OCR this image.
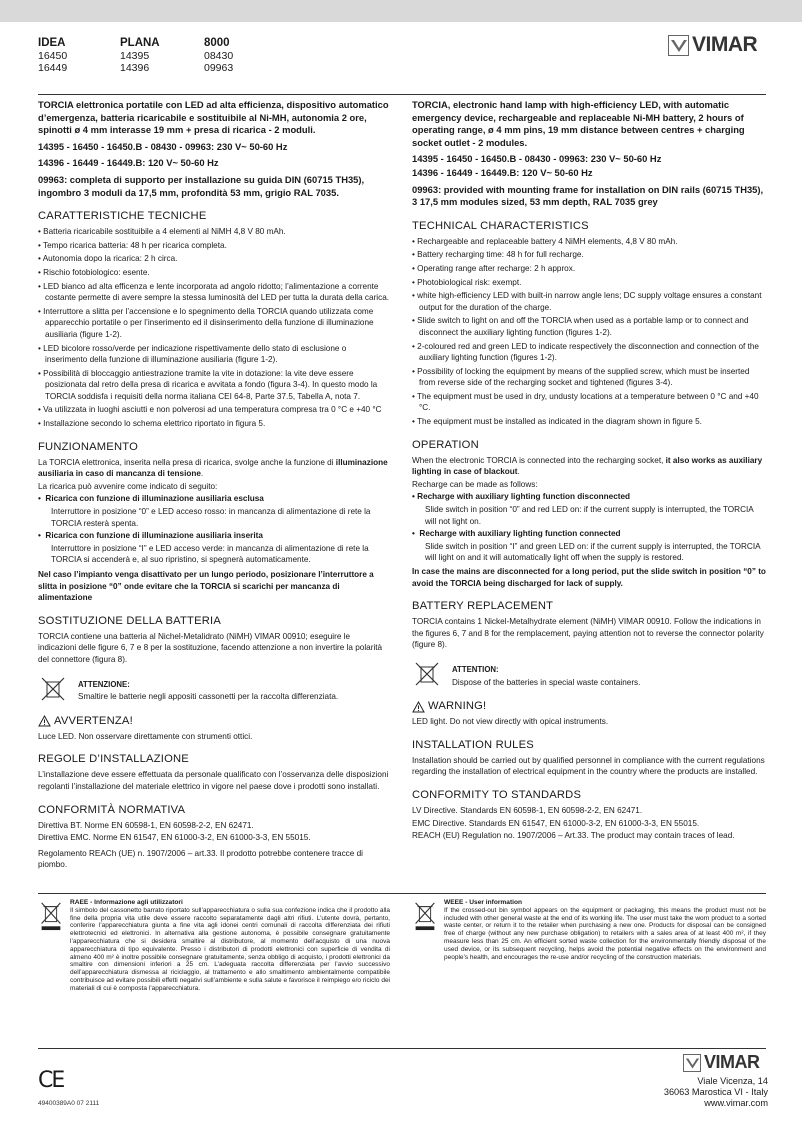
IDEA	PLANA	8000
16450	14395	08430
16449	14396	09963
VIMAR

TORCIA elettronica portatile con LED ad alta efficienza, dispositivo automatico d’emergenza, batteria ricaricabile e sostituibile al Ni-MH, autonomia 2 ore, spinotti ø 4 mm interasse 19 mm + presa di ricarica - 2 moduli.

14395 - 16450 - 16450.B - 08430 - 09963: 230 V~ 50-60 Hz

14396 - 16449 - 16449.B: 120 V~ 50-60 Hz

09963: completa di supporto per installazione su guida DIN (60715 TH35), ingombro 3 moduli da 17,5 mm, profondità 53 mm, grigio RAL 7035.

CARATTERISTICHE TECNICHE
• Batteria ricaricabile sostituibile a 4 elementi al NiMH 4,8 V 80 mAh.
• Tempo ricarica batteria: 48 h per ricarica completa.
• Autonomia dopo la ricarica: 2 h circa.
• Rischio fotobiologico: esente.
• LED bianco ad alta efficenza e lente incorporata ad angolo ridotto; l’alimentazione a corrente costante permette di avere sempre la stessa luminosità del LED per tutta la durata della carica.
• Interruttore a slitta per l’accensione e lo spegnimento della TORCIA quando utilizzata come apparecchio portatile o per l’inserimento ed il disinserimento della funzione di illuminazione ausiliaria (figure 1-2).
• LED bicolore rosso/verde per indicazione rispettivamente dello stato di esclusione o inserimento della funzione di illuminazione ausiliaria (figure 1-2).
• Possibilità di bloccaggio antiestrazione tramite la vite in dotazione: la vite deve essere posizionata dal retro della presa di ricarica e avvitata a fondo (figura 3-4). In questo modo la TORCIA soddisfa i requisiti della norma italiana CEI 64-8, Parte 37.5, Tabella A, nota 7.
• Va utilizzata in luoghi asciutti e non polverosi ad una temperatura compresa tra 0 °C e +40 °C
• Installazione secondo lo schema elettrico riportato in figura 5.
FUNZIONAMENTO

La TORCIA elettronica, inserita nella presa di ricarica, svolge anche la funzione di illuminazione ausiliaria in caso di mancanza di tensione.

La ricarica può avvenire come indicato di seguito:

•  Ricarica con funzione di illuminazione ausiliaria esclusa

Interruttore in posizione “0” e LED acceso rosso: in mancanza di alimentazione di rete la TORCIA resterà spenta.

•  Ricarica con funzione di illuminazione ausiliaria inserita

Interruttore in posizione “I” e LED acceso verde: in mancanza di alimentazione di rete la TORCIA si accenderà e, al suo ripristino, si spegnerà automaticamente.

Nel caso l’impianto venga disattivato per un lungo periodo, posizionare l’interruttore a slitta in posizione “0” onde evitare che la TORCIA si scarichi per mancanza di alimentazione

SOSTITUZIONE DELLA BATTERIA

TORCIA contiene una batteria al Nichel-Metalidrato (NiMH) VIMAR 00910; eseguire le indicazioni delle figure 6, 7 e 8 per la sostituzione, facendo attenzione a non invertire la polarità del connettore (figura 8).

ATTENZIONE:

Smaltire le batterie negli appositi cassonetti per la raccolta differenziata.

AVVERTENZA!

Luce LED. Non osservare direttamente con strumenti ottici.

REGOLE D’INSTALLAZIONE

L’installazione deve essere effettuata da personale qualificato con l’osservanza delle disposizioni regolanti l’installazione del materiale elettrico in vigore nel paese dove i prodotti sono installati.

CONFORMITÀ NORMATIVA

Direttiva BT. Norme EN 60598-1, EN 60598-2-2, EN 62471.

Direttiva EMC. Norme EN 61547, EN 61000-3-2, EN 61000-3-3, EN 55015.

Regolamento REACh (UE) n. 1907/2006 – art.33. Il prodotto potrebbe contenere tracce di piombo.

TORCIA, electronic hand lamp with high-efficiency LED, with automatic emergency device, rechargeable and replaceable Ni-MH battery, 2 hours of operating range, ø 4 mm pins, 19 mm distance between centres + charging socket outlet - 2 modules.

14395 - 16450 - 16450.B - 08430 - 09963: 230 V~ 50-60 Hz

14396 - 16449 - 16449.B: 120 V~ 50-60 Hz

09963: provided with mounting frame for installation on DIN rails (60715 TH35), 3 17,5 mm modules sized, 53 mm depth, RAL 7035 grey

TECHNICAL CHARACTERISTICS
• Rechargeable and replaceable battery 4 NiMH elements, 4,8 V 80 mAh.
• Battery recharging time: 48 h for full recharge.
• Operating range after recharge: 2 h approx.
• Photobiological risk: exempt.
• white high-efficiency LED with built-in narrow angle lens; DC supply voltage ensures a constant output for the duration of the charge.
• Slide switch to light on and off the TORCIA when used as a portable lamp or to connect and disconnect the auxiliary lighting function (figures 1-2).
• 2-coloured red and green LED to indicate respectively the disconnection and connection of the auxiliary lighting function (figures 1-2).
• Possibility of locking the equipment by means of the supplied screw, which must be inserted from reverse side of the recharging socket and tightened (figures 3-4).
• The equipment must be used in dry, undusty locations at a temperature between 0 °C and +40 °C.
• The equipment must be installed as indicated in the diagram shown in figure 5.
OPERATION

When the electronic TORCIA is connected into the recharging socket, it also works as auxiliary lighting in case of blackout.

Recharge can be made as follows:

• Recharge with auxiliary lighting function disconnected

Slide switch in position “0” and red LED on: if the current supply is interrupted, the TORCIA will not light on.

•  Recharge with auxiliary lighting function connected

Slide switch in position “I” and green LED on: if the current supply is interrupted, the TORCIA will light on and it will automatically light off when the supply is restored.

In case the mains are disconnected for a long period, put the slide switch in position “0” to avoid the TORCIA being discharged for lack of supply.

BATTERY REPLACEMENT

TORCIA contains 1 Nickel-Metalhydrate element (NiMH) VIMAR 00910. Follow the indications in the figures 6, 7 and 8 for the remplacement, paying attention not to reverse the connector polarity (figure 8).

ATTENTION:

Dispose of the batteries in special waste containers.

WARNING!

LED light. Do not view directly with opical instruments.

INSTALLATION RULES

Installation should be carried out by qualified personnel in compliance with the current regulations regarding the installation of electrical equipment in the country where the products are installed.

CONFORMITY TO STANDARDS

LV Directive. Standards EN 60598-1, EN 60598-2-2, EN 62471.

EMC Directive. Standards EN 61547, EN 61000-3-2, EN 61000-3-3, EN 55015.

REACH (EU) Regulation no. 1907/2006 – Art.33. The product may contain traces of lead.

RAEE - Informazione agli utilizzatori

Il simbolo del cassonetto barrato riportato sull’apparecchiatura o sulla sua confezione indica che il prodotto alla fine della propria vita utile deve essere raccolto separatamente dagli altri rifiuti. L’utente dovrà, pertanto, conferire l’apparecchiatura giunta a fine vita agli idonei centri comunali di raccolta differenziata dei rifiuti elettrotecnici ed elettronici. In alternativa alla gestione autonoma, è possibile consegnare gratuitamente l’apparecchiatura che si desidera smaltire al distributore, al momento dell’acquisto di una nuova apparecchiatura di tipo equivalente. Presso i distributori di prodotti elettronici con superficie di vendita di almeno 400 m² è inoltre possibile consegnare gratuitamente, senza obbligo di acquisto, i prodotti elettronici da smaltire con dimensioni inferiori a 25 cm. L’adeguata raccolta differenziata per l’avvio successivo dell’apparecchiatura dismessa al riciclaggio, al trattamento e allo smaltimento ambientalmente compatibile contribuisce ad evitare possibili effetti negativi sull’ambiente e sulla salute e favorisce il reimpiego e/o riciclo dei materiali di cui è composta l’apparecchiatura.

WEEE - User information

If the crossed-out bin symbol appears on the equipment or packaging, this means the product must not be included with other general waste at the end of its working life. The user must take the worn product to a sorted waste center, or return it to the retailer when purchasing a new one. Products for disposal can be consigned free of charge (without any new purchase obligation) to retailers with a sales area of at least 400 m², if they measure less than 25 cm. An efficient sorted waste collection for the environmentally friendly disposal of the used device, or its subsequent recycling, helps avoid the potential negative effects on the environment and people’s health, and encourages the re-use and/or recycling of the construction materials.

CE
49400389A0 07 2111
VIMAR

Viale Vicenza, 14

36063 Marostica VI - Italy

www.vimar.com
